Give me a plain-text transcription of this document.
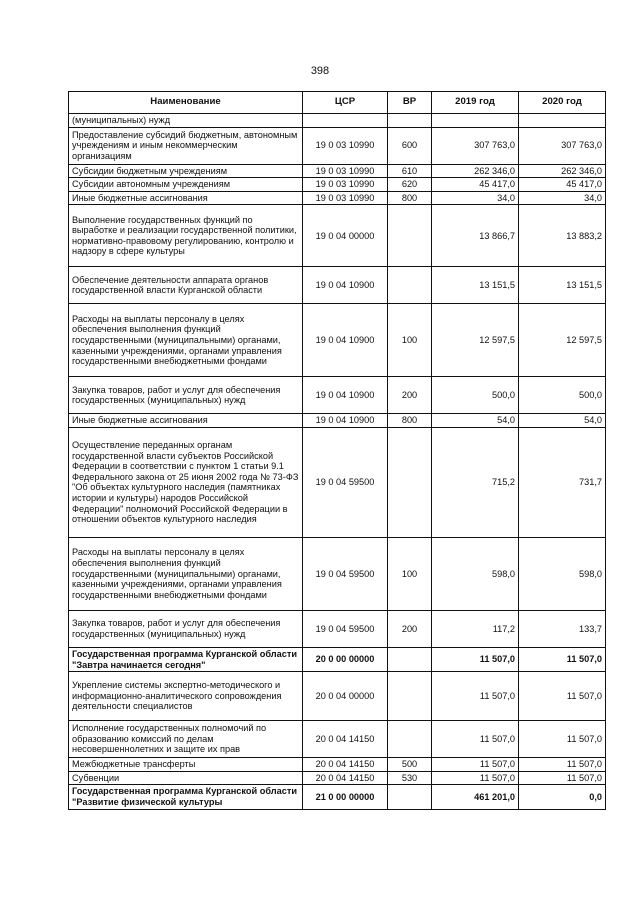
398
Наименование	ЦСР	ВР	2019 год	2020 год
(муниципальных) нужд				
Предоставление субсидий бюджетным, автономным учреждениям и иным некоммерческим организациям	19 0 03 10990	600	307 763,0	307 763,0
Субсидии бюджетным учреждениям	19 0 03 10990	610	262 346,0	262 346,0
Субсидии автономным учреждениям	19 0 03 10990	620	45 417,0	45 417,0
Иные бюджетные ассигнования	19 0 03 10990	800	34,0	34,0
Выполнение государственных функций по выработке и реализации государственной политики, нормативно-правовому регулированию, контролю и надзору в сфере культуры	19 0 04 00000		13 866,7	13 883,2
Обеспечение деятельности аппарата органов государственной власти Курганской области	19 0 04 10900		13 151,5	13 151,5
Расходы на выплаты персоналу в целях обеспечения выполнения функций государственными (муниципальными) органами, казенными учреждениями, органами управления государственными внебюджетными фондами	19 0 04 10900	100	12 597,5	12 597,5
Закупка товаров, работ и услуг для обеспечения государственных (муниципальных) нужд	19 0 04 10900	200	500,0	500,0
Иные бюджетные ассигнования	19 0 04 10900	800	54,0	54,0
Осуществление переданных органам государственной власти субъектов Российской Федерации в соответствии с пунктом 1 статьи 9.1 Федерального закона от 25 июня 2002 года № 73-ФЗ "Об объектах культурного наследия (памятниках истории и культуры) народов Российской Федерации" полномочий Российской Федерации в отношении объектов культурного наследия	19 0 04 59500		715,2	731,7
Расходы на выплаты персоналу в целях обеспечения выполнения функций государственными (муниципальными) органами, казенными учреждениями, органами управления государственными внебюджетными фондами	19 0 04 59500	100	598,0	598,0
Закупка товаров, работ и услуг для обеспечения государственных (муниципальных) нужд	19 0 04 59500	200	117,2	133,7
Государственная программа Курганской области "Завтра начинается сегодня"	20 0 00 00000		11 507,0	11 507,0
Укрепление системы экспертно-методического и информационно-аналитического сопровождения деятельности специалистов	20 0 04 00000		11 507,0	11 507,0
Исполнение государственных полномочий по образованию комиссий по делам несовершеннолетних и защите их прав	20 0 04 14150		11 507,0	11 507,0
Межбюджетные трансферты	20 0 04 14150	500	11 507,0	11 507,0
Субвенции	20 0 04 14150	530	11 507,0	11 507,0
Государственная программа Курганской области "Развитие физической культуры	21 0 00 00000		461 201,0	0,0
